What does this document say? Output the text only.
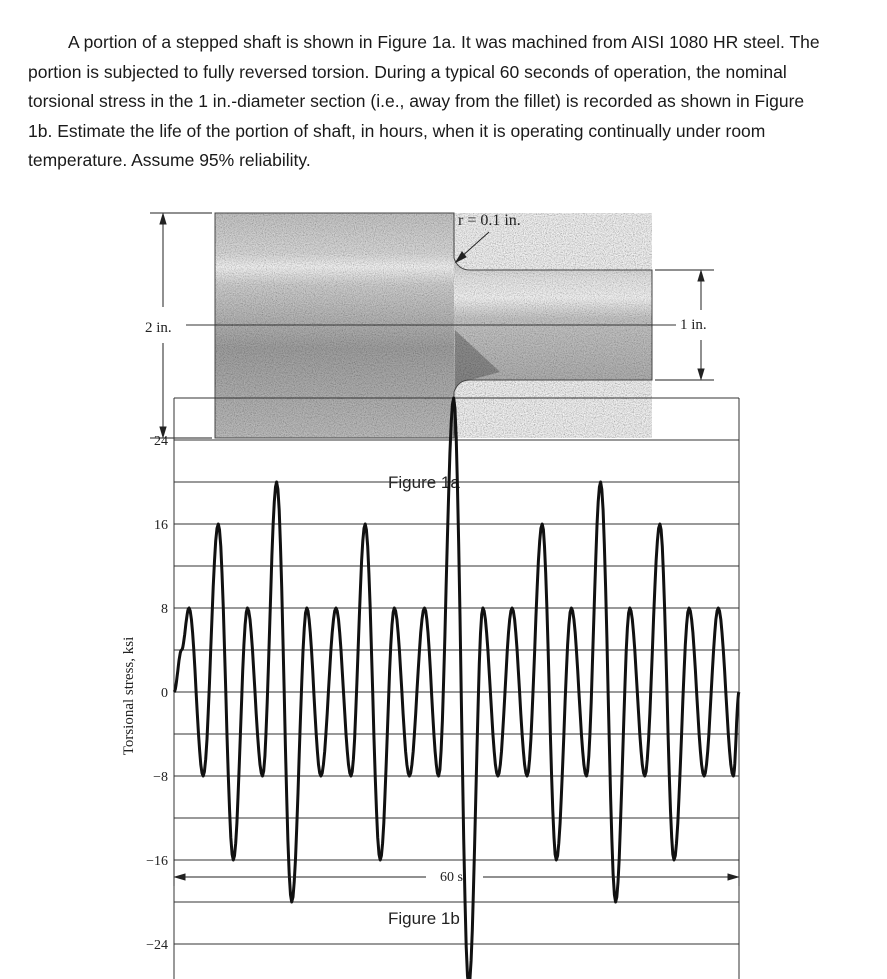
A portion of a stepped shaft is shown in Figure 1a. It was machined from AISI 1080 HR steel. The portion is subjected to fully reversed torsion. During a typical 60 seconds of operation, the nominal torsional stress in the 1 in.-diameter section (i.e., away from the fillet) is recorded as shown in Figure 1b. Estimate the life of the portion of shaft, in hours, when it is operating continually under room temperature. Assume 95% reliability.

2 in.	1 in.
r = 0.1 in.
Figure 1a
24
16
8
0
−8
−16
−24
Torsional stress, ksi
60 s
Figure 1b
